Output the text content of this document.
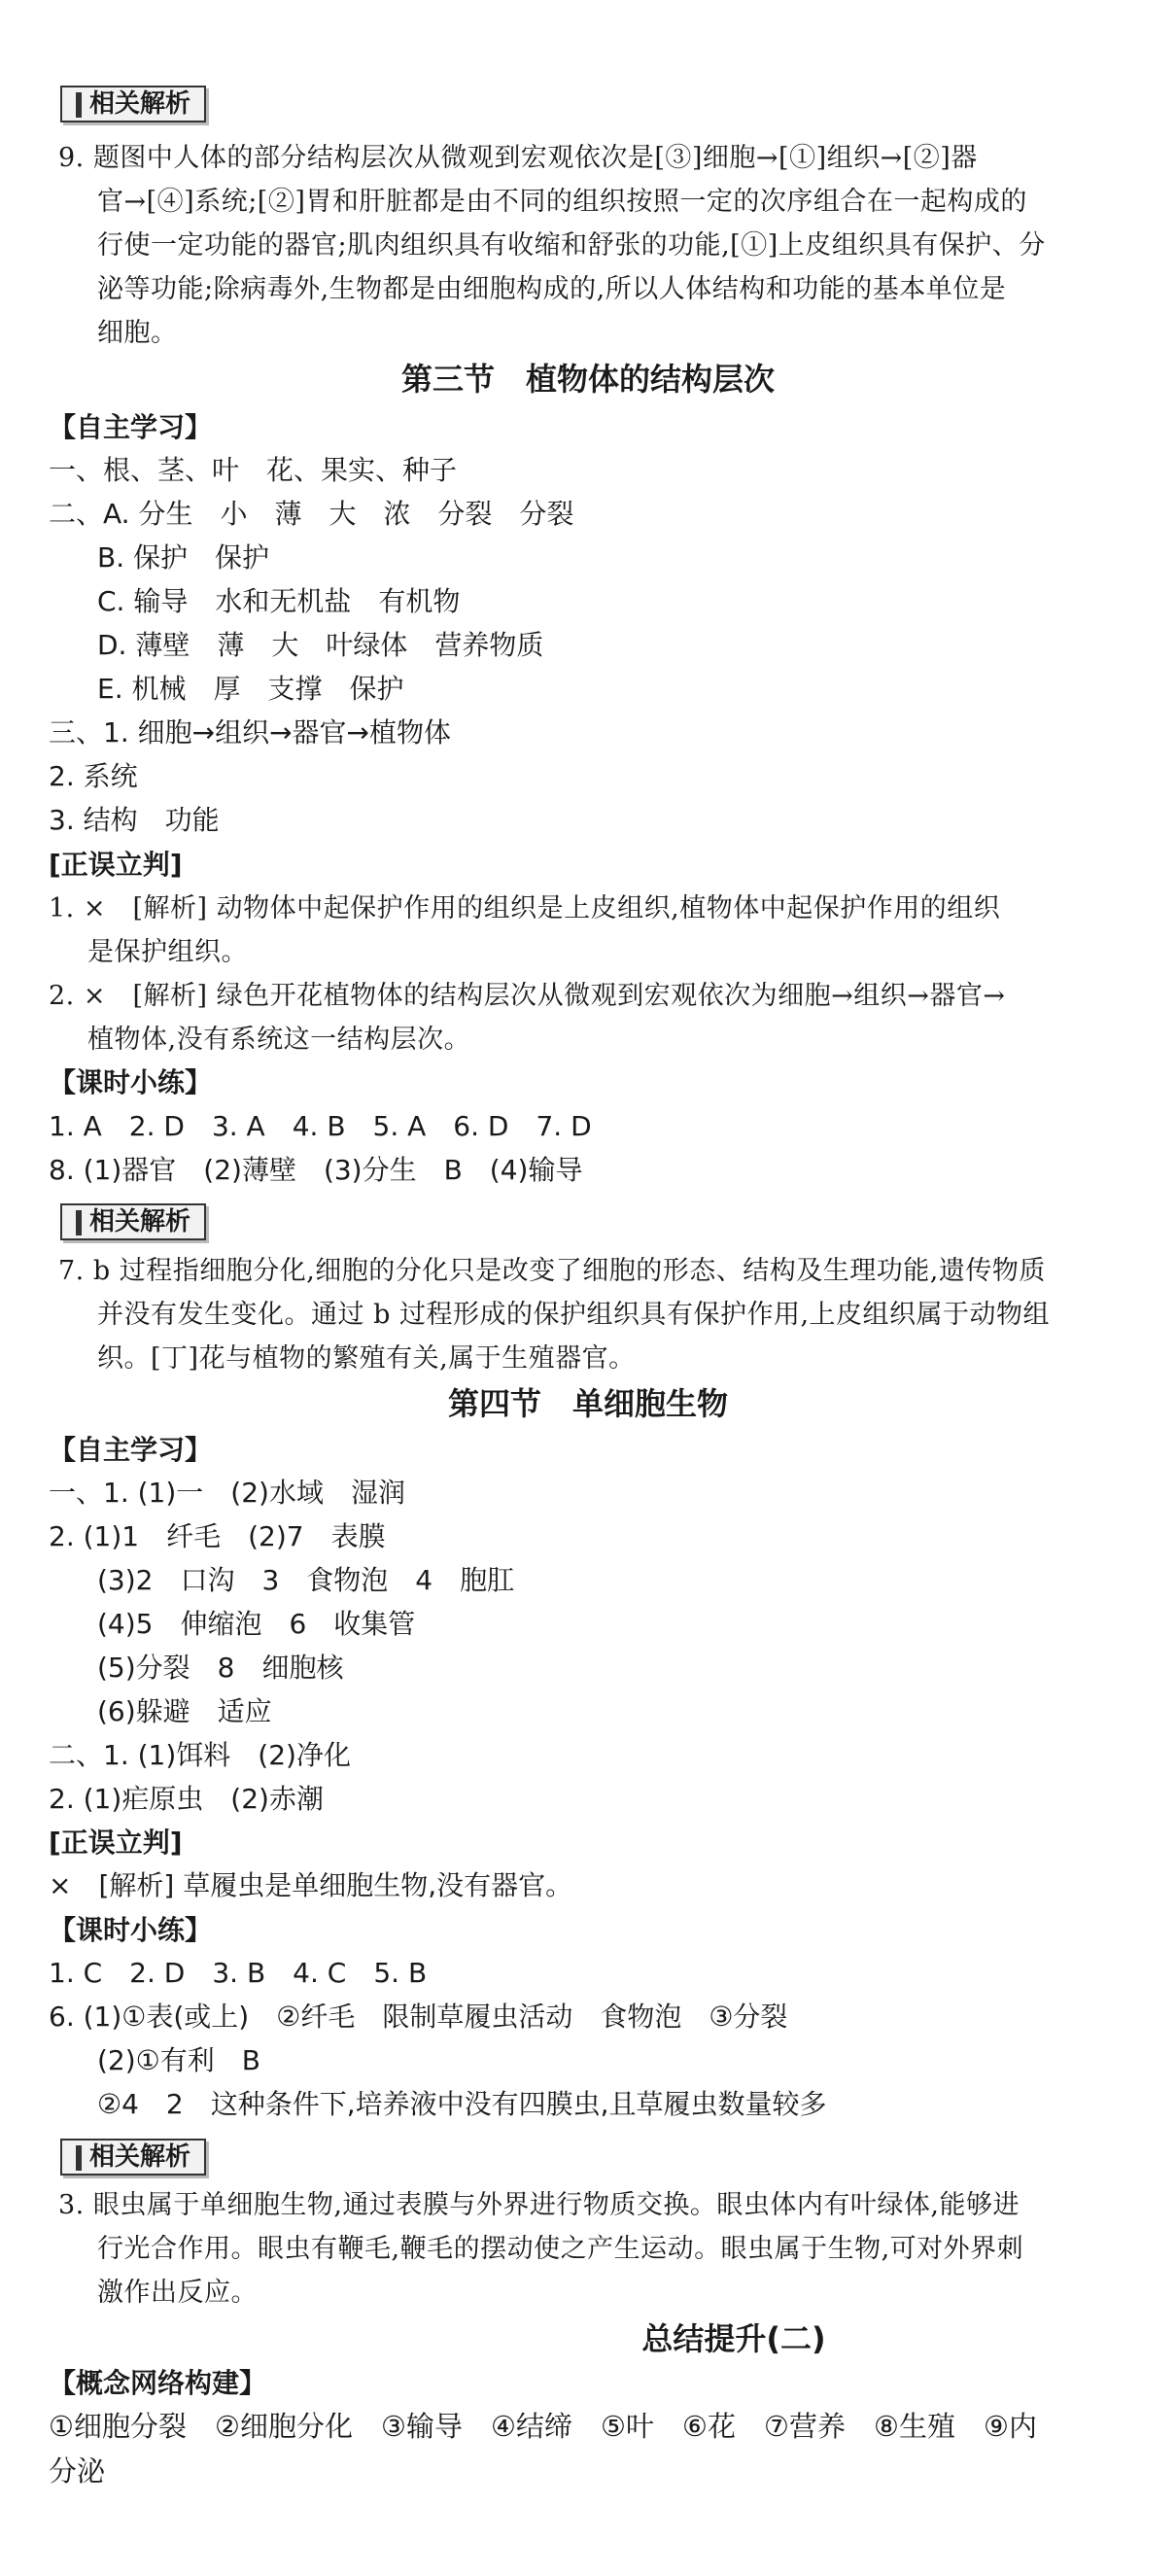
相关解析
9. 题图中人体的部分结构层次从微观到宏观依次是[③]细胞→[①]组织→[②]器

官→[④]系统;[②]胃和肝脏都是由不同的组织按照一定的次序组合在一起构成的
行使一定功能的器官;肌肉组织具有收缩和舒张的功能,[①]上皮组织具有保护、分
泌等功能;除病毒外,生物都是由细胞构成的,所以人体结构和功能的基本单位是
细胞。
第三节　植物体的结构层次
【自主学习】
一、根、茎、叶　花、果实、种子
二、A. 分生　小　薄　大　浓　分裂　分裂
B. 保护　保护
C. 输导　水和无机盐　有机物
D. 薄壁　薄　大　叶绿体　营养物质
E. 机械　厚　支撑　保护
三、1. 细胞→组织→器官→植物体
2. 系统
3. 结构　功能
[正误立判]
1. ×　[解析] 动物体中起保护作用的组织是上皮组织,植物体中起保护作用的组织

是保护组织。
2. ×　[解析] 绿色开花植物体的结构层次从微观到宏观依次为细胞→组织→器官→

植物体,没有系统这一结构层次。
【课时小练】
1. A　2. D　3. A　4. B　5. A　6. D　7. D
8. (1)器官　(2)薄壁　(3)分生　B　(4)输导
相关解析
7. b 过程指细胞分化,细胞的分化只是改变了细胞的形态、结构及生理功能,遗传物质

并没有发生变化。通过 b 过程形成的保护组织具有保护作用,上皮组织属于动物组
织。[丁]花与植物的繁殖有关,属于生殖器官。
第四节　单细胞生物
【自主学习】
一、1. (1)一　(2)水域　湿润
2. (1)1　纤毛　(2)7　表膜
(3)2　口沟　3　食物泡　4　胞肛
(4)5　伸缩泡　6　收集管
(5)分裂　8　细胞核
(6)躲避　适应
二、1. (1)饵料　(2)净化
2. (1)疟原虫　(2)赤潮
[正误立判]
×　[解析] 草履虫是单细胞生物,没有器官。
【课时小练】
1. C　2. D　3. B　4. C　5. B
6. (1)①表(或上)　②纤毛　限制草履虫活动　食物泡　③分裂
(2)①有利　B
②4　2　这种条件下,培养液中没有四膜虫,且草履虫数量较多
相关解析
3. 眼虫属于单细胞生物,通过表膜与外界进行物质交换。眼虫体内有叶绿体,能够进

行光合作用。眼虫有鞭毛,鞭毛的摆动使之产生运动。眼虫属于生物,可对外界刺
激作出反应。
总结提升(二)
【概念网络构建】
①细胞分裂　②细胞分化　③输导　④结缔　⑤叶　⑥花　⑦营养　⑧生殖　⑨内
分泌
